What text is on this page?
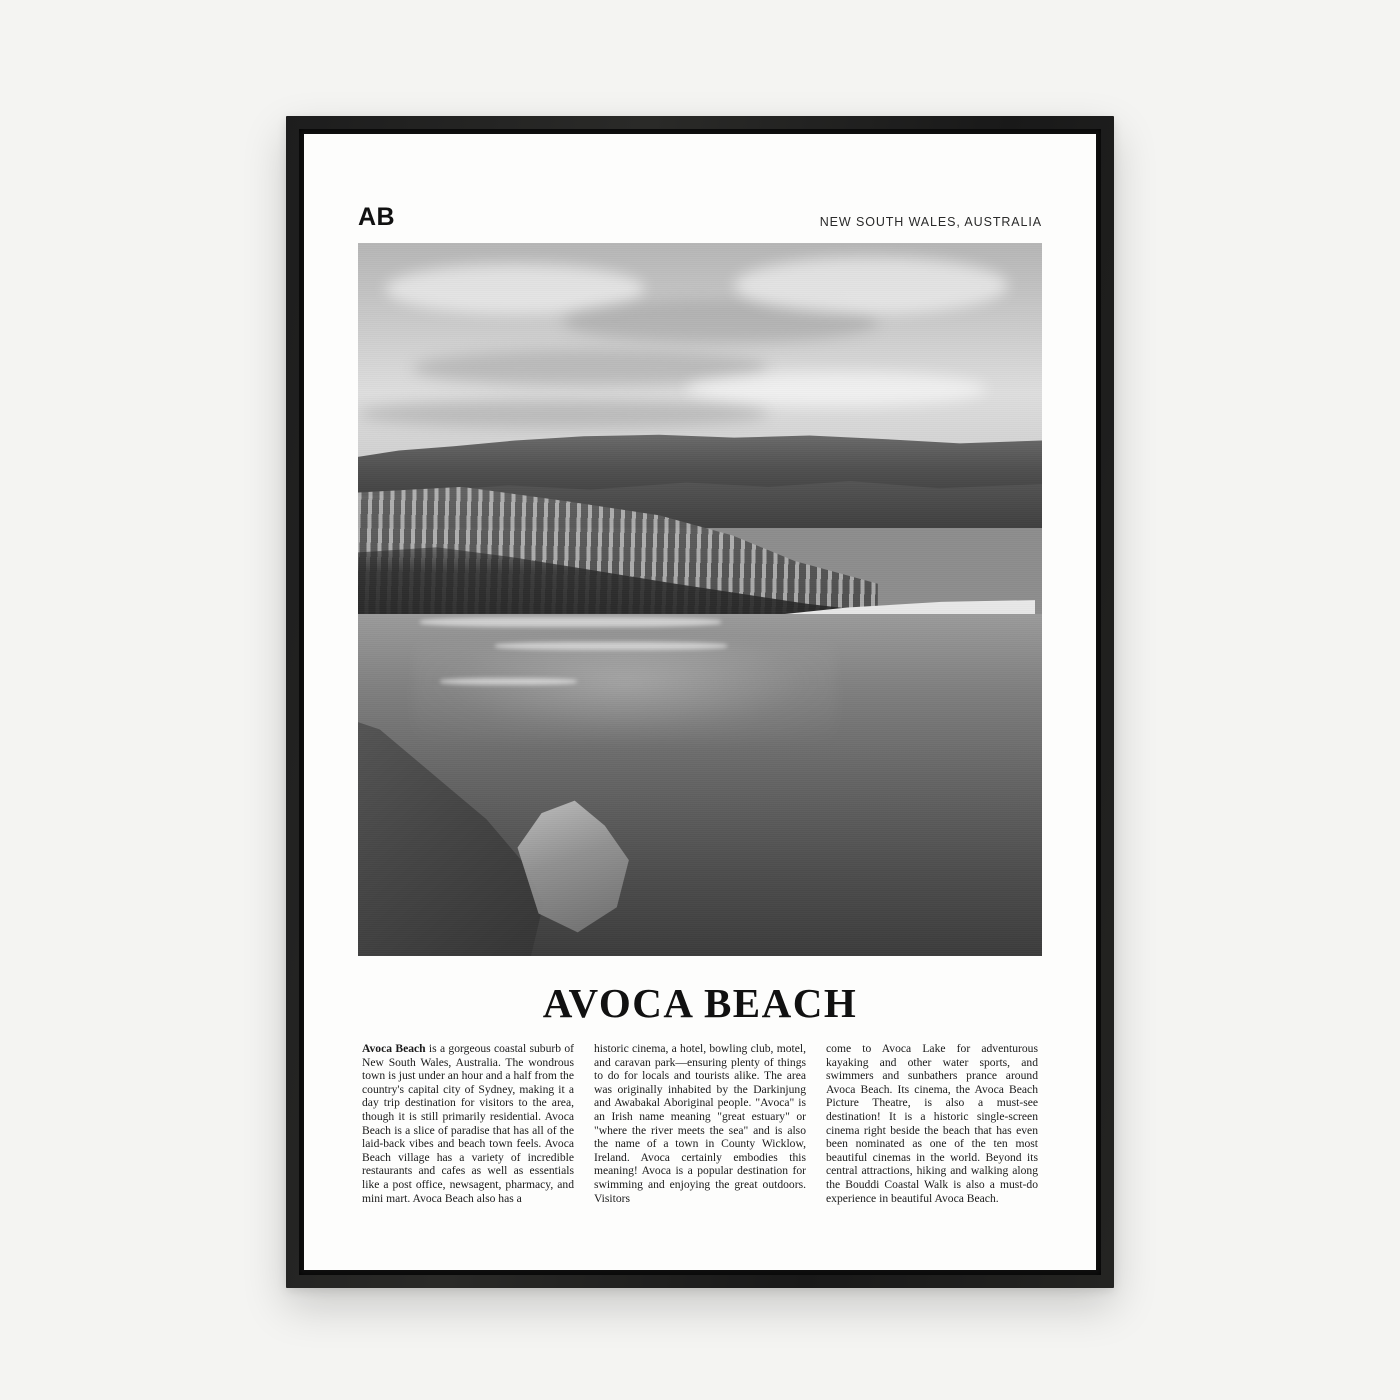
AB	NEW SOUTH WALES, AUSTRALIA
AVOCA BEACH
Avoca Beach is a gorgeous coastal suburb of New South Wales, Australia. The wondrous town is just under an hour and a half from the country's capital city of Sydney, making it a day trip destination for visitors to the area, though it is still primarily residential. Avoca Beach is a slice of paradise that has all of the laid-back vibes and beach town feels. Avoca Beach village has a variety of incredible restaurants and cafes as well as essentials like a post office, newsagent, pharmacy, and mini mart. Avoca Beach also has a
historic cinema, a hotel, bowling club, motel, and caravan park—ensuring plenty of things to do for locals and tourists alike. The area was originally inhabited by the Darkinjung and Awabakal Aboriginal people. "Avoca" is an Irish name meaning "great estuary" or "where the river meets the sea" and is also the name of a town in County Wicklow, Ireland. Avoca certainly embodies this meaning! Avoca is a popular destination for swimming and enjoying the great outdoors. Visitors
come to Avoca Lake for adventurous kayaking and other water sports, and swimmers and sunbathers prance around Avoca Beach. Its cinema, the Avoca Beach Picture Theatre, is also a must-see destination! It is a historic single-screen cinema right beside the beach that has even been nominated as one of the ten most beautiful cinemas in the world. Beyond its central attractions, hiking and walking along the Bouddi Coastal Walk is also a must-do experience in beautiful Avoca Beach.
